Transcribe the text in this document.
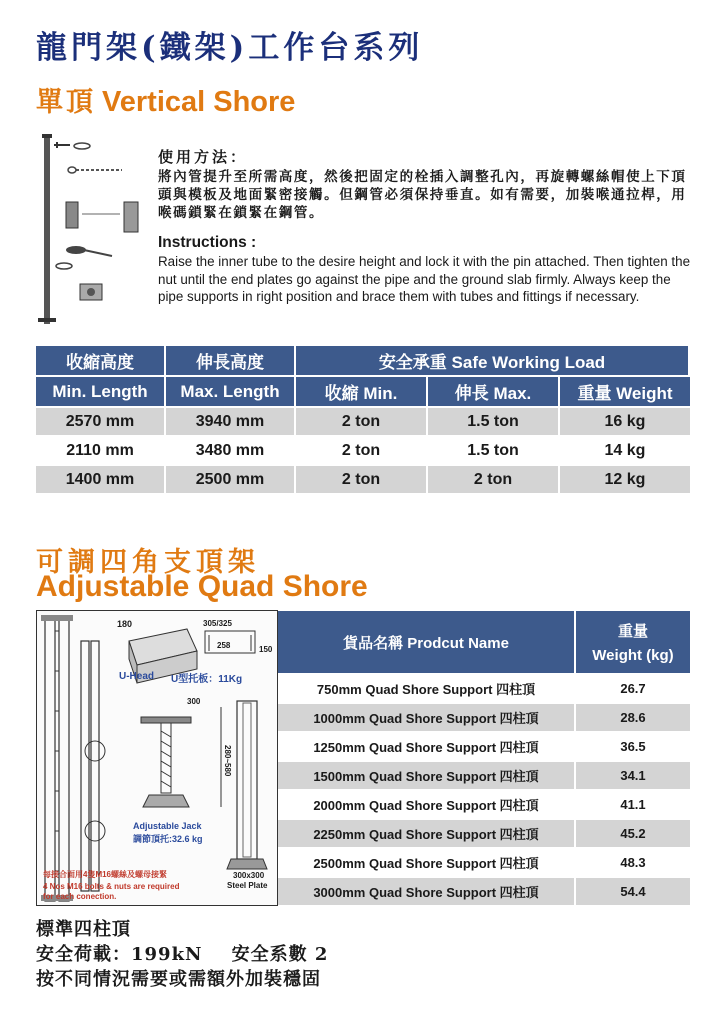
龍門架(鐵架)工作台系列
單頂 Vertical Shore
使用方法：
將內管提升至所需高度，然後把固定的栓插入調整孔內，再旋轉螺絲帽使上下頂頭與模板及地面緊密接觸。但鋼管必須保持垂直。如有需要，加裝喉通拉桿，用喉碼鎖緊在鎖緊在鋼管。
Instructions :
Raise the inner tube to the desire height and lock it with the pin attached. Then tighten the nut until the end plates go against the pipe and the ground slab firmly. Always keep the pipe supports in right position and brace them with tubes and fittings if necessary.
收縮高度	伸長高度	安全承重 Safe Working Load		
Min. Length	Max. Length	收縮 Min.	伸長 Max.	重量 Weight
2570 mm	3940 mm	2 ton	1.5 ton	16 kg
2110 mm	3480 mm	2 ton	1.5 ton	14 kg
1400 mm	2500 mm	2 ton	2 ton	12 kg
可調四角支頂架
Adjustable Quad Shore
180	305/325
258	150
U-Head U型托板：11Kg
300
280~580
Adjustable Jack
調節頂托:32.6 kg
每接合面用4隻M16螺絲及螺母接緊
4 Nos M16 bolts & nuts are required
for each conection.
300x300
Steel Plate
貨品名稱 Prodcut Name	重量
Weight (kg)

750mm Quad Shore Support 四柱頂	26.7
1000mm Quad Shore Support 四柱頂	28.6
1250mm Quad Shore Support 四柱頂	36.5
1500mm Quad Shore Support 四柱頂	34.1
2000mm Quad Shore Support 四柱頂	41.1
2250mm Quad Shore Support 四柱頂	45.2
2500mm Quad Shore Support 四柱頂	48.3
3000mm Quad Shore Support 四柱頂	54.4
標準四柱頂
安全荷載：199kN    安全系數 2
按不同情況需要或需額外加裝穩固
